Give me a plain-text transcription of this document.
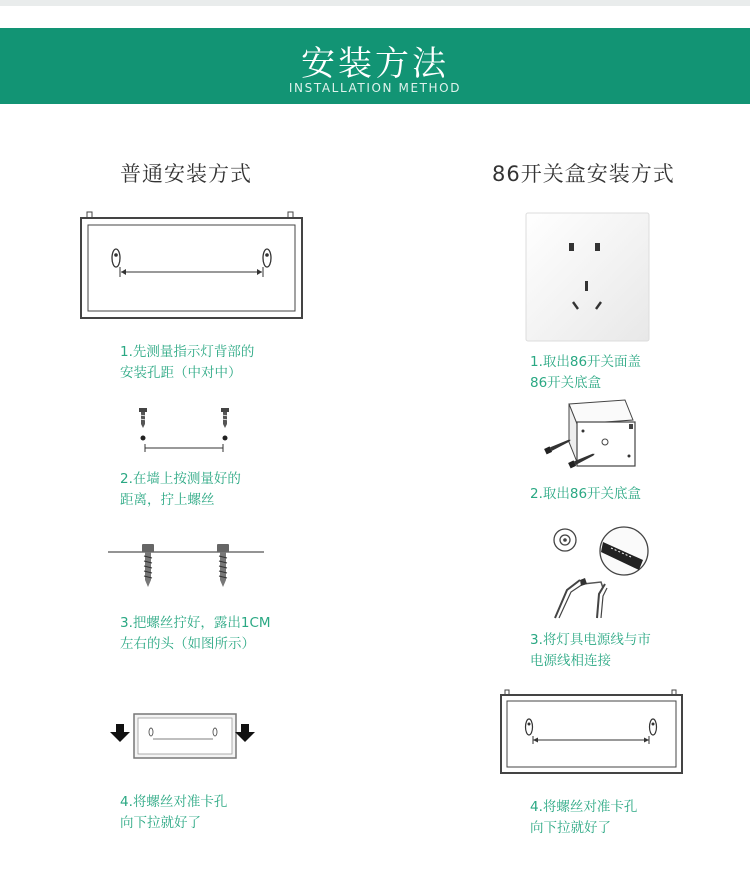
安装方法
INSTALLATION METHOD
普通安装方式	86开关盒安装方式
1.先测量指示灯背部的
安装孔距（中对中）
2.在墙上按测量好的
距离，拧上螺丝
3.把螺丝拧好，露出1CM
左右的头（如图所示）
4.将螺丝对准卡孔
向下拉就好了
1.取出86开关面盖
86开关底盒
2.取出86开关底盒
3.将灯具电源线与市
电源线相连接
4.将螺丝对准卡孔
向下拉就好了
